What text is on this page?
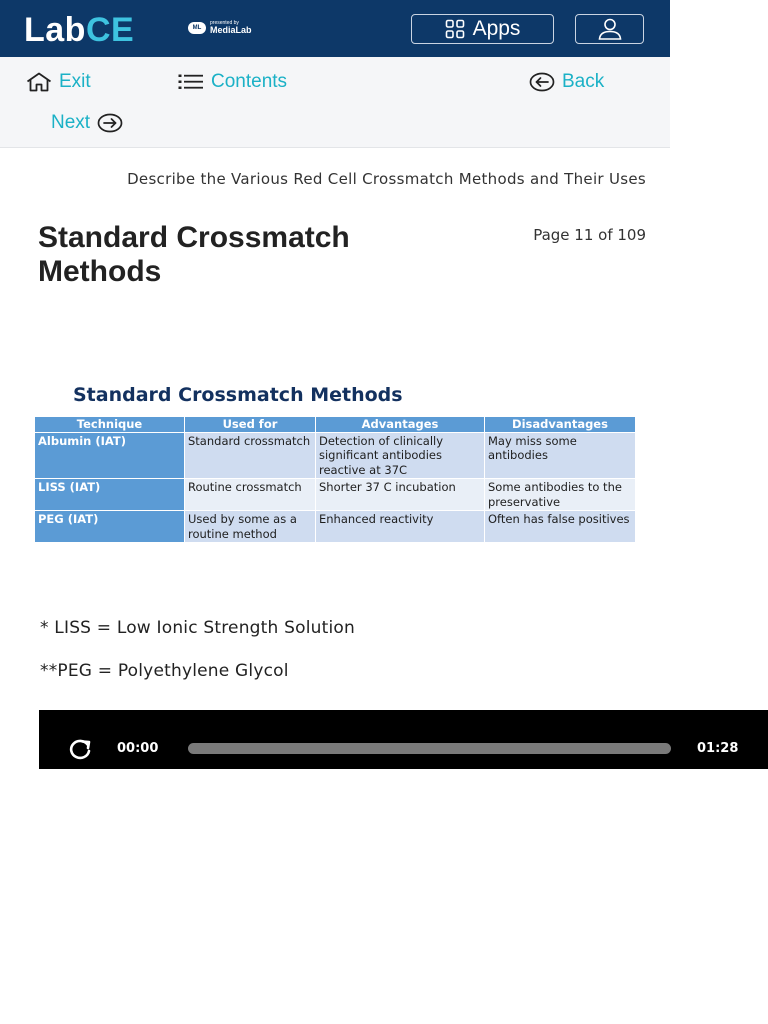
LabCE	ML
presented by
MediaLab	Apps
Exit	Contents	Back
Next
Describe the Various Red Cell Crossmatch Methods and Their Uses
Standard Crossmatch Methods
Page 11 of 109
Standard Crossmatch Methods
Technique	Used for	Advantages	Disadvantages
Albumin (IAT)	Standard crossmatch	Detection of clinically significant antibodies reactive at 37C	May miss some antibodies
LISS (IAT)	Routine crossmatch	Shorter 37 C incubation	Some antibodies to the preservative
PEG (IAT)	Used by some as a routine method	Enhanced reactivity	Often has false positives
* LISS = Low Ionic Strength Solution
**PEG = Polyethylene Glycol
00:00	01:28
